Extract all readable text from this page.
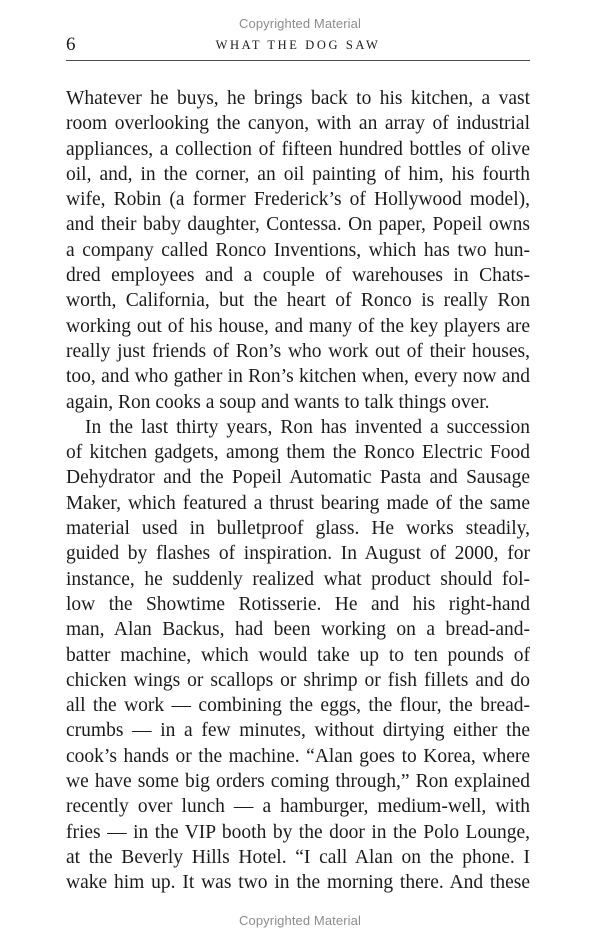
Copyrighted Material
6	WHAT THE DOG SAW
Whatever he buys, he brings back to his kitchen, a vast
room overlooking the canyon, with an array of industrial
appliances, a collection of fifteen hundred bottles of olive
oil, and, in the corner, an oil painting of him, his fourth
wife, Robin (a former Frederick’s of Hollywood model),
and their baby daughter, Contessa. On paper, Popeil owns
a company called Ronco Inventions, which has two hun-
dred employees and a couple of warehouses in Chats-
worth, California, but the heart of Ronco is really Ron
working out of his house, and many of the key players are
really just friends of Ron’s who work out of their houses,
too, and who gather in Ron’s kitchen when, every now and
again, Ron cooks a soup and wants to talk things over.
In the last thirty years, Ron has invented a succession
of kitchen gadgets, among them the Ronco Electric Food
Dehydrator and the Popeil Automatic Pasta and Sausage
Maker, which featured a thrust bearing made of the same
material used in bulletproof glass. He works steadily,
guided by flashes of inspiration. In August of 2000, for
instance, he suddenly realized what product should fol-
low the Showtime Rotisserie. He and his right-hand
man, Alan Backus, had been working on a bread-and-
batter machine, which would take up to ten pounds of
chicken wings or scallops or shrimp or fish fillets and do
all the work — combining the eggs, the flour, the bread-
crumbs — in a few minutes, without dirtying either the
cook’s hands or the machine. “Alan goes to Korea, where
we have some big orders coming through,” Ron explained
recently over lunch — a hamburger, medium-well, with
fries — in the VIP booth by the door in the Polo Lounge,
at the Beverly Hills Hotel. “I call Alan on the phone. I
wake him up. It was two in the morning there. And these
Copyrighted Material
